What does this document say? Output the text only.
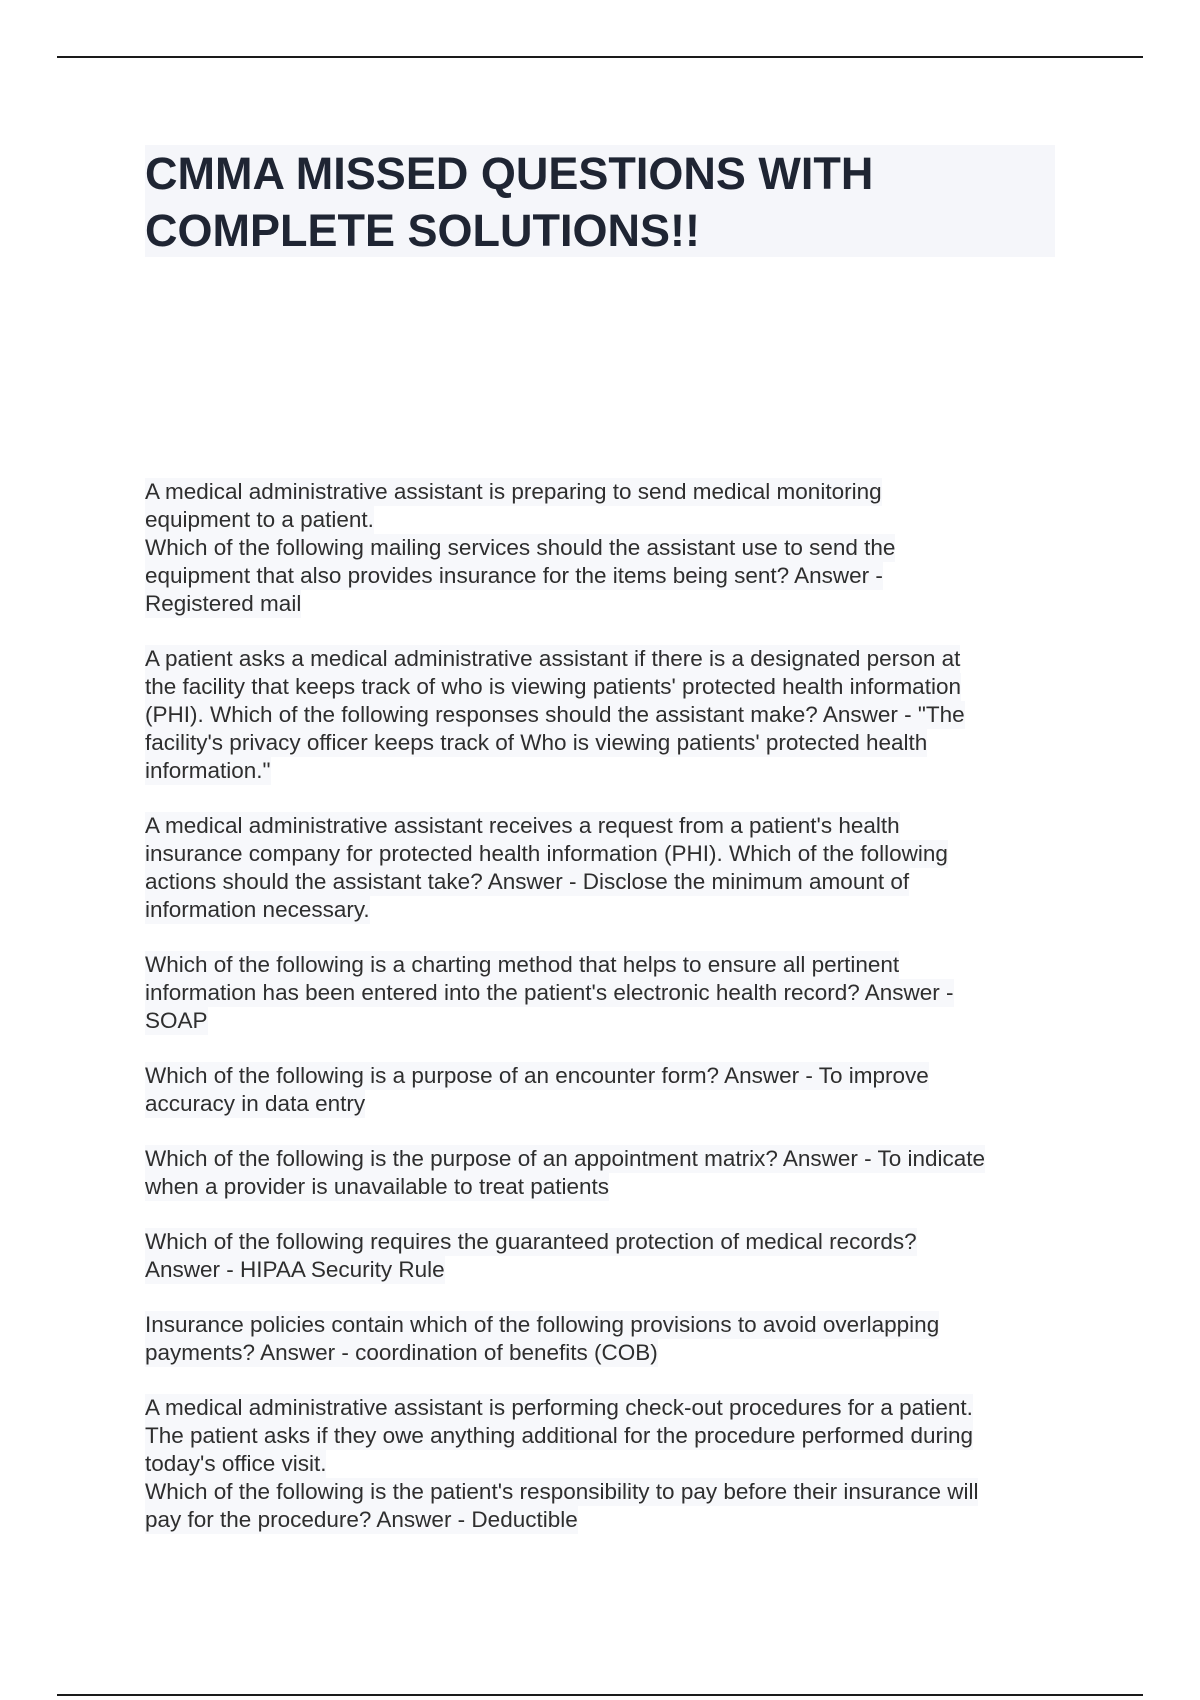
CMMA MISSED QUESTIONS WITH COMPLETE SOLUTIONS!!
A medical administrative assistant is preparing to send medical monitoring
equipment to a patient.
Which of the following mailing services should the assistant use to send the
equipment that also provides insurance for the items being sent? Answer -
Registered mail
A patient asks a medical administrative assistant if there is a designated person at
the facility that keeps track of who is viewing patients' protected health information
(PHI). Which of the following responses should the assistant make? Answer - "The
facility's privacy officer keeps track of Who is viewing patients' protected health
information."
A medical administrative assistant receives a request from a patient's health
insurance company for protected health information (PHI). Which of the following
actions should the assistant take? Answer - Disclose the minimum amount of
information necessary.
Which of the following is a charting method that helps to ensure all pertinent
information has been entered into the patient's electronic health record? Answer -
SOAP
Which of the following is a purpose of an encounter form? Answer - To improve
accuracy in data entry
Which of the following is the purpose of an appointment matrix? Answer - To indicate
when a provider is unavailable to treat patients
Which of the following requires the guaranteed protection of medical records?
Answer - HIPAA Security Rule
Insurance policies contain which of the following provisions to avoid overlapping
payments? Answer - coordination of benefits (COB)
A medical administrative assistant is performing check-out procedures for a patient.
The patient asks if they owe anything additional for the procedure performed during
today's office visit.
Which of the following is the patient's responsibility to pay before their insurance will
pay for the procedure? Answer - Deductible
